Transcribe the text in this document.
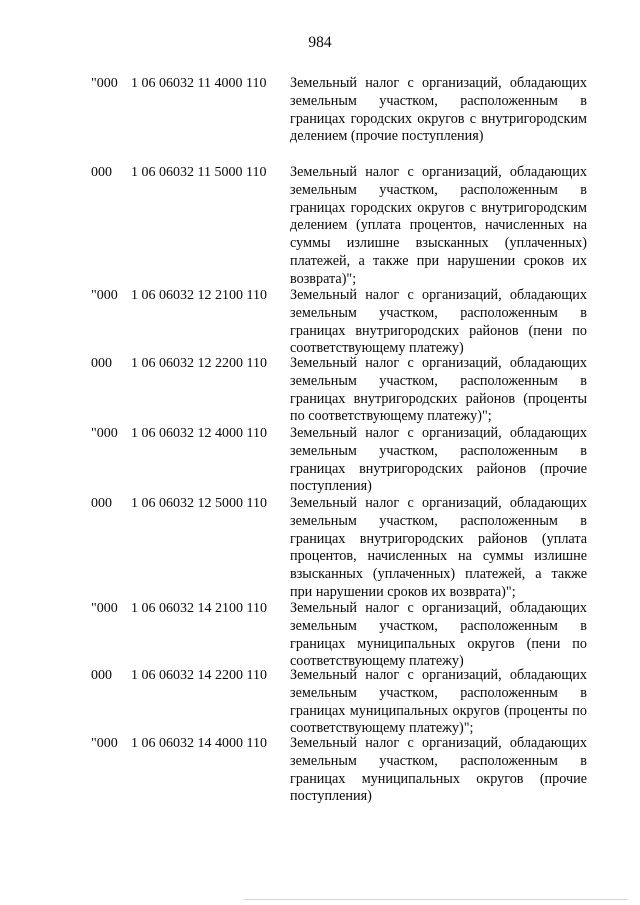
984
"000 1 06 06032 11 4000 110 Земельный налог с организаций, обладающих земельным участком, расположенным в границах городских округов с внутригородским делением (прочие поступления)
000 1 06 06032 11 5000 110 Земельный налог с организаций, обладающих земельным участком, расположенным в границах городских округов с внутригородским делением (уплата процентов, начисленных на суммы излишне взысканных (уплаченных) платежей, а также при нарушении сроков их возврата)";
"000 1 06 06032 12 2100 110 Земельный налог с организаций, обладающих земельным участком, расположенным в границах внутригородских районов (пени по соответствующему платежу)
000 1 06 06032 12 2200 110 Земельный налог с организаций, обладающих земельным участком, расположенным в границах внутригородских районов (проценты по соответствующему платежу)";
"000 1 06 06032 12 4000 110 Земельный налог с организаций, обладающих земельным участком, расположенным в границах внутригородских районов (прочие поступления)
000 1 06 06032 12 5000 110 Земельный налог с организаций, обладающих земельным участком, расположенным в границах внутригородских районов (уплата процентов, начисленных на суммы излишне взысканных (уплаченных) платежей, а также при нарушении сроков их возврата)";
"000 1 06 06032 14 2100 110 Земельный налог с организаций, обладающих земельным участком, расположенным в границах муниципальных округов (пени по соответствующему платежу)
000 1 06 06032 14 2200 110 Земельный налог с организаций, обладающих земельным участком, расположенным в границах муниципальных округов (проценты по соответствующему платежу)";
"000 1 06 06032 14 4000 110 Земельный налог с организаций, обладающих земельным участком, расположенным в границах муниципальных округов (прочие поступления)
